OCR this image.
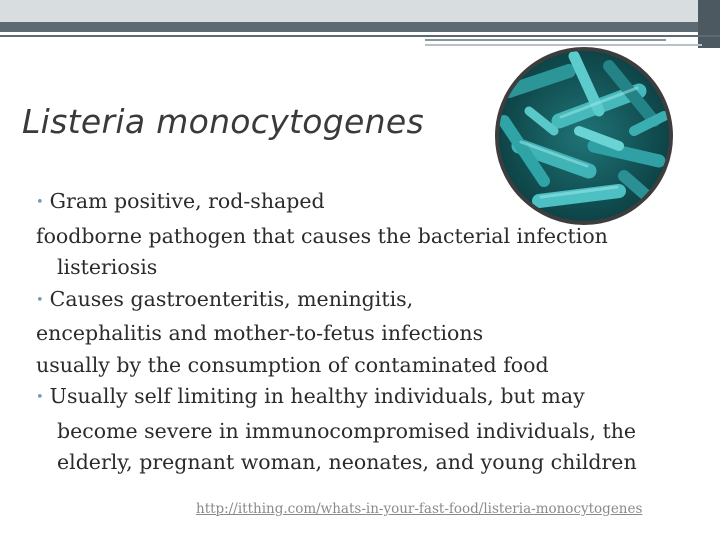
Listeria monocytogenes
• Gram positive, rod-shaped
foodborne pathogen that causes the bacterial infection
listeriosis
• Causes gastroenteritis, meningitis,
encephalitis and mother-to-fetus infections
usually by the consumption of contaminated food
• Usually self limiting in healthy individuals, but may
become severe in immunocompromised individuals, the
elderly, pregnant woman, neonates, and young children
http://itthing.com/whats-in-your-fast-food/listeria-monocytogenes
